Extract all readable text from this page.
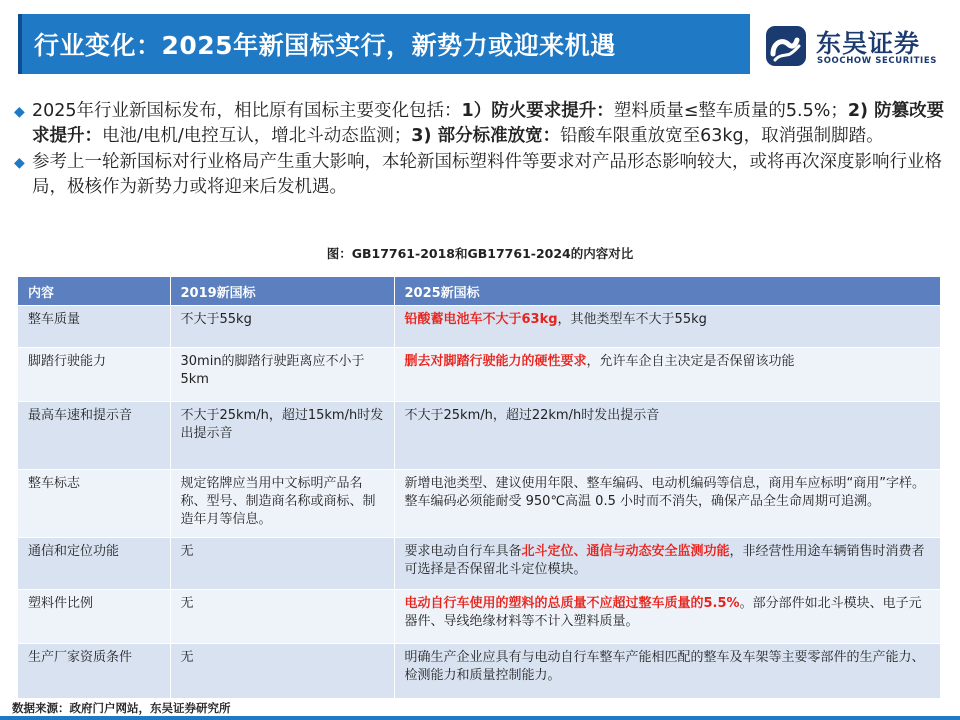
行业变化：2025年新国标实行，新势力或迎来机遇	东吴证券
SOOCHOW SECURITIES
◆ 2025年行业新国标发布，相比原有国标主要变化包括：1）防火要求提升：塑料质量≤整车质量的5.5%；2) 防篡改要求提升：电池/电机/电控互认，增北斗动态监测；3) 部分标准放宽：铅酸车限重放宽至63kg，取消强制脚踏。
◆ 参考上一轮新国标对行业格局产生重大影响，本轮新国标塑料件等要求对产品形态影响较大，或将再次深度影响行业格局，极核作为新势力或将迎来后发机遇。
图：GB17761-2018和GB17761-2024的内容对比
内容	2019新国标	2025新国标
整车质量	不大于55kg	铅酸蓄电池车不大于63kg，其他类型车不大于55kg
脚踏行驶能力	30min的脚踏行驶距离应不小于5km	删去对脚踏行驶能力的硬性要求，允许车企自主决定是否保留该功能
最高车速和提示音	不大于25km/h，超过15km/h时发出提示音	不大于25km/h，超过22km/h时发出提示音
整车标志	规定铭牌应当用中文标明产品名称、型号、制造商名称或商标、制造年月等信息。	新增电池类型、建议使用年限、整车编码、电动机编码等信息，商用车应标明“商用”字样。整车编码必须能耐受 950℃高温 0.5 小时而不消失，确保产品全生命周期可追溯。
通信和定位功能	无	要求电动自行车具备北斗定位、通信与动态安全监测功能，非经营性用途车辆销售时消费者可选择是否保留北斗定位模块。
塑料件比例	无	电动自行车使用的塑料的总质量不应超过整车质量的5.5%。部分部件如北斗模块、电子元器件、导线绝缘材料等不计入塑料质量。
生产厂家资质条件	无	明确生产企业应具有与电动自行车整车产能相匹配的整车及车架等主要零部件的生产能力、检测能力和质量控制能力。
数据来源：政府门户网站，东吴证券研究所
